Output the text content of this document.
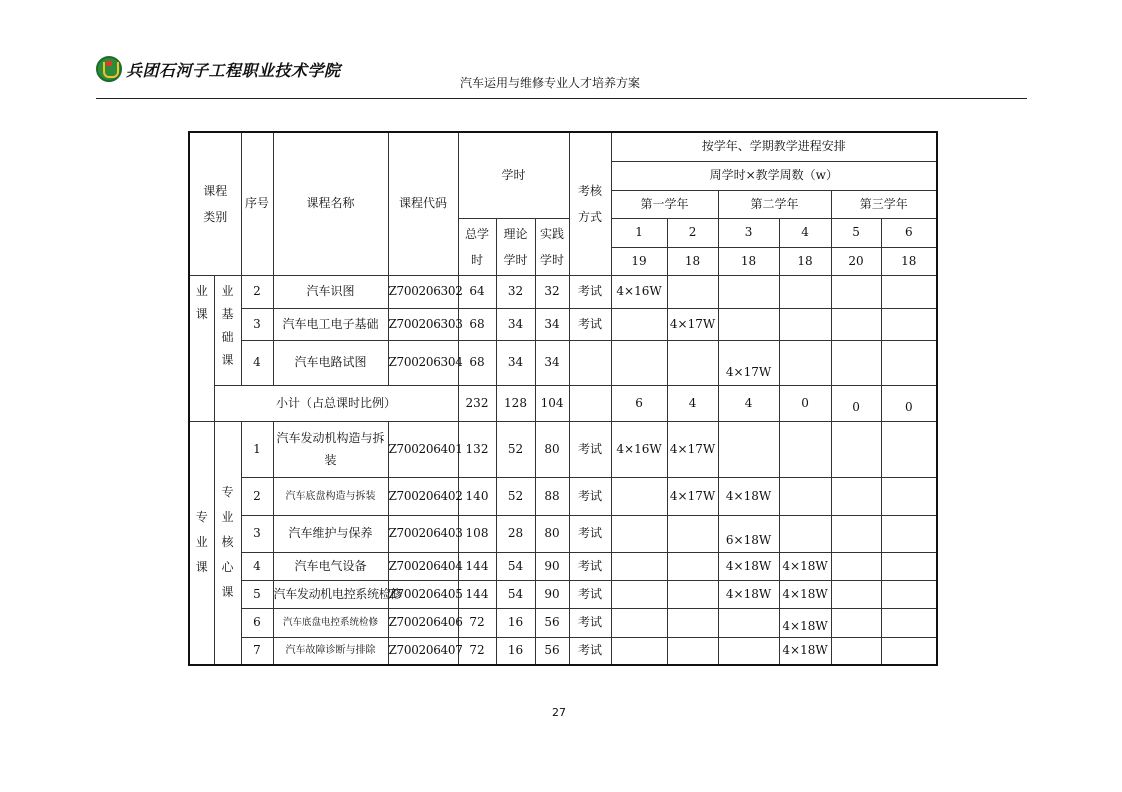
兵团石河子工程职业技术学院
汽车运用与维修专业人才培养方案
课程类别		序号	课程名称	课程代码	学时			考核方式	按学年、学期教学进程安排					
									周学时×教学周数（w）					
									第一学年		第二学年		第三学年	
					总学时	理论学时	实践学时		1	2	3	4	5	6
									19	18	18	18	20	18
业课	业基础课	2	汽车识图	Z700206302	64	32	32	考试	4×16W					
		3	汽车电工电子基础	Z700206303	68	34	34	考试		4×17W				
		4	汽车电路试图	Z700206304	68	34	34				4×17W			
	小计（占总课时比例）				232	128	104		6	4	4	0	0	0
专业课	专业核心课	1	汽车发动机构造与拆装	Z700206401	132	52	80	考试	4×16W	4×17W				
		2	汽车底盘构造与拆装	Z700206402	140	52	88	考试		4×17W	4×18W			
		3	汽车维护与保养	Z700206403	108	28	80	考试			6×18W			
		4	汽车电气设备	Z700206404	144	54	90	考试			4×18W	4×18W		
		5	汽车发动机电控系统检修	Z700206405	144	54	90	考试			4×18W	4×18W		
		6	汽车底盘电控系统检修	Z700206406	72	16	56	考试				4×18W		
		7	汽车故障诊断与排除	Z700206407	72	16	56	考试				4×18W		
27
